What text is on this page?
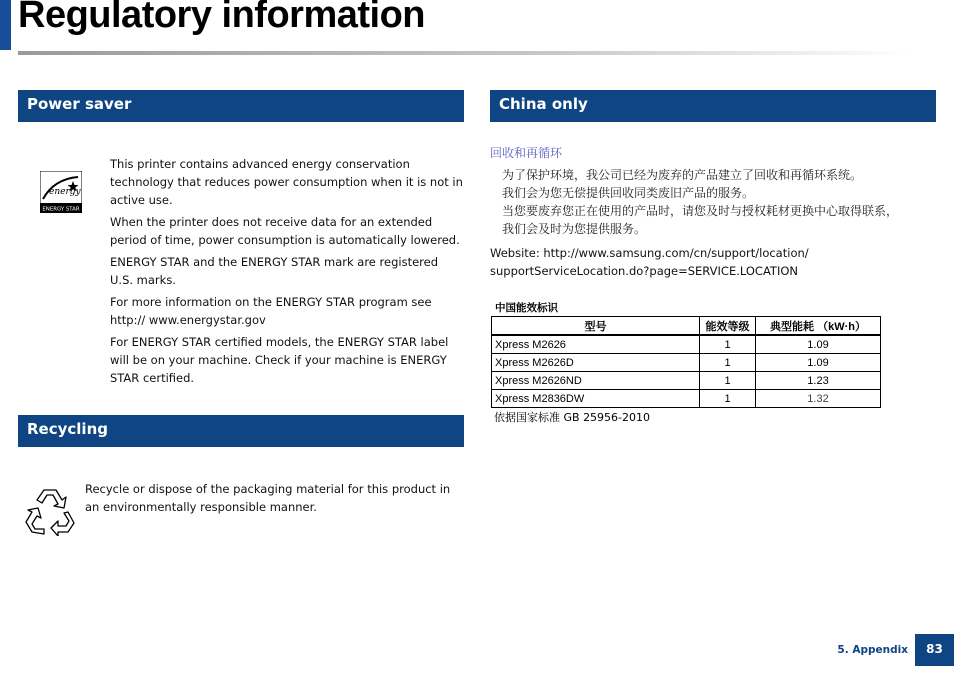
Regulatory information
Power saver
energy
ENERGY STAR

This printer contains advanced energy conservation technology that reduces power consumption when it is not in active use.

When the printer does not receive data for an extended period of time, power consumption is automatically lowered.

ENERGY STAR and the ENERGY STAR mark are registered U.S. marks.

For more information on the ENERGY STAR program see http:// www.energystar.gov

For ENERGY STAR certified models, the ENERGY STAR label will be on your machine. Check if your machine is ENERGY STAR certified.

Recycling
Recycle or dispose of the packaging material for this product in an environmentally responsible manner.
China only
回收和再循环
为了保护环境，我公司已经为废弃的产品建立了回收和再循环系统。
我们会为您无偿提供回收同类废旧产品的服务。
当您要废弃您正在使用的产品时，请您及时与授权耗材更换中心取得联系，
我们会及时为您提供服务。
Website: http://www.samsung.com/cn/support/location/
supportServiceLocation.do?page=SERVICE.LOCATION
中国能效标识
型号	能效等级	典型能耗 （kW·h）
Xpress M2626	1	1.09
Xpress M2626D	1	1.09
Xpress M2626ND	1	1.23
Xpress M2836DW	1	1.32
依据国家标准 GB 25956-2010
5. Appendix	83
